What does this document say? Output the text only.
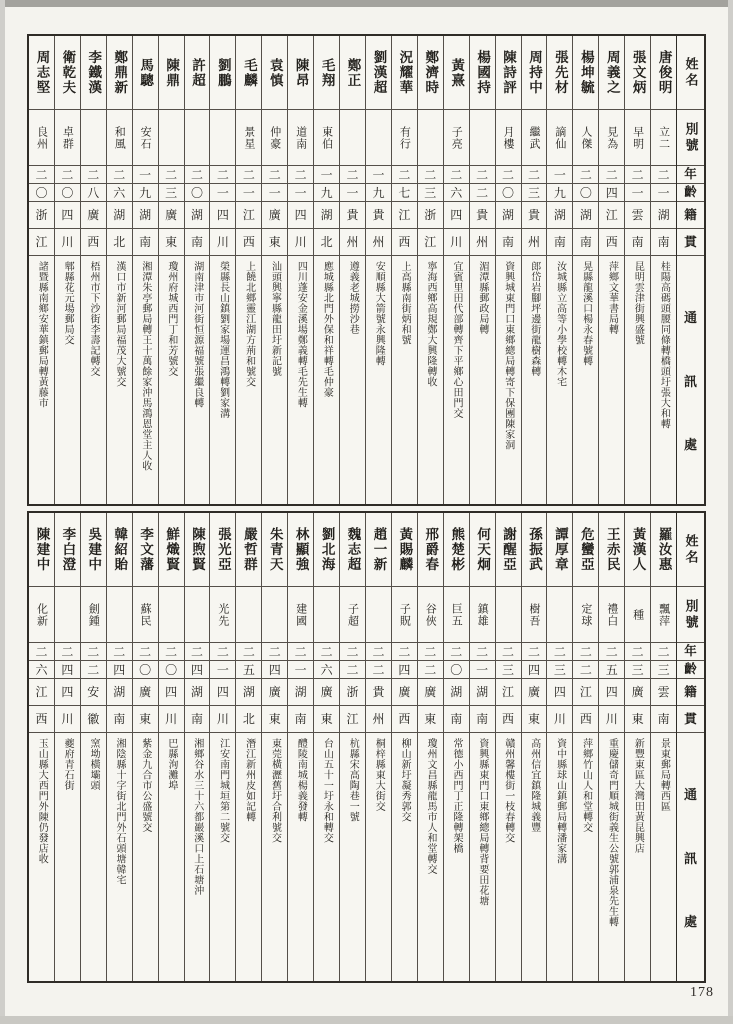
周志堅
良州
二
〇
浙
江
諸暨縣南鄉安華鎮郵局轉黃藤市
衛乾夫
卓群
二
〇
四
川
郫縣花元場郵局交
李鐵漢
二
八
廣
西
梧州市下沙街李壽記轉交
鄭鼎新
和風
二
六
湖
北
漢口市新河郵局福茂大號交
馬驄
安石
一
九
湖
南
湘潭朱亭郵局轉王十萬餘家沖馬鴻恩堂主人收
陳鼎
二
三
廣
東
瓊州府城西門丁和芳號交
許超
二
〇
湖
南
湖南津市河街恒源福號張繼良轉
劉鵬
二
一
四
川
榮縣長山鎮劉家場運昌鴻轉劉家溝
毛麟
景星
二
一
江
西
上饒北鄉靈江湖方荊和號交
袁慎
仲豪
二
一
廣
東
汕頭興寧縣龍田圩新記號
陳昂
道南
二
一
四
川
四川蓬安金溪場鄭義轉毛先生轉
毛翔
東伯
一
九
湖
北
應城縣北門外保和祥轉毛仲豪
鄭正
二
一
貴
州
遵義老城撈沙巷
劉漢超
一
九
貴
州
安順縣大箭號永興隆轉
況耀華
有行
二
七
江
西
上高縣南街炳和號
鄭濟時
二
三
浙
江
寧海西鄉高規鄭大興隆轉收
黃熹
子亮
二
六
四
川
宜賓里田代部轉齊下平鄉心田門交
楊國持
二
二
貴
州
湄潭縣郵政局轉
陳詩評
月樓
二
〇
湖
南
資興城東門口東鄉總局轉寄下保團陳家洞
周持中
繼武
二
三
貴
州
郎岱岩腳坪邊街龍樹森轉
張先材
謫仙
一
九
湖
南
汝城縣立高等小學校轉木宅
楊坤毓
人傑
二
〇
湖
南
晃縣龍溪口楊永春號轉
周義之
見為
二
四
江
西
萍鄉文華書局轉
張文炳
早明
二
一
雲
南
昆明雲津街興盛號
唐俊明
立二
二
一
湖
南
桂陽高碼頭腰同條轉橋頭圩張大和轉
姓名
別號
年
齡
籍
貫
通
訊
處
陳建中
化新
二
六
江
西
玉山縣大西門外陳仍發店收
李白澄
二
四
四
川
夔府青石街
吳建中
劍鍾
二
二
安
徽
窯坳橫壩頭
韓紹貽
二
四
湖
南
湘陰縣十字街北門外石頭塘韓宅
李文藩
蘇民
二
〇
廣
東
紫金九合市公盛號交
鮮熾賢
二
〇
四
川
巴縣洵灘埠
陳煦賢
二
四
湖
南
湘鄉谷水三十六都巖溪口上石塘沖
張光亞
光先
二
一
四
川
江安南門城垣第二號交
嚴哲群
二
五
湖
北
潛江新州皮如記轉
朱青天
二
四
廣
東
東莞橫瀝舊圩合利號交
林顯強
建國
二
一
湖
南
醴陵南城楊義發轉
劉北海
二
六
廣
東
台山五十一圩永和轉交
魏志超
子超
二
二
浙
江
杭縣宋高陶巷一號
趙一新
二
二
貴
州
桐梓縣東大街交
黃賜麟
子貺
二
四
廣
西
柳山新圩凝秀郭交
邢爵春
谷俠
二
二
廣
東
瓊州文昌縣龍馬市人和堂轉交
熊楚彬
巨五
二
〇
湖
南
常德小西門丁正隆轉架橋
何天炯
鎮雄
二
一
湖
南
資興縣東門口東鄉總局轉背要田花塘
謝醒亞
二
三
江
西
贛州馨樓街一枝春轉交
孫振武
樹吾
二
四
廣
東
高州信宜鎮隆城義豐
譚厚章
二
三
四
川
資中縣球山鎮郵局轉潘家溝
危蠻亞
定球
二
二
江
西
萍鄉竹山人和堂轉交
王赤民
禮白
二
五
四
川
重慶儲奇門順城街義生公號郭浦泉先生轉
黃漢人
種
二
三
廣
東
新豐東區大灣田黃昆興店
羅汝惠
飄萍
二
三
雲
南
景東郵局轉西區
姓名
別號
年
齡
籍
貫
通
訊
處
178
